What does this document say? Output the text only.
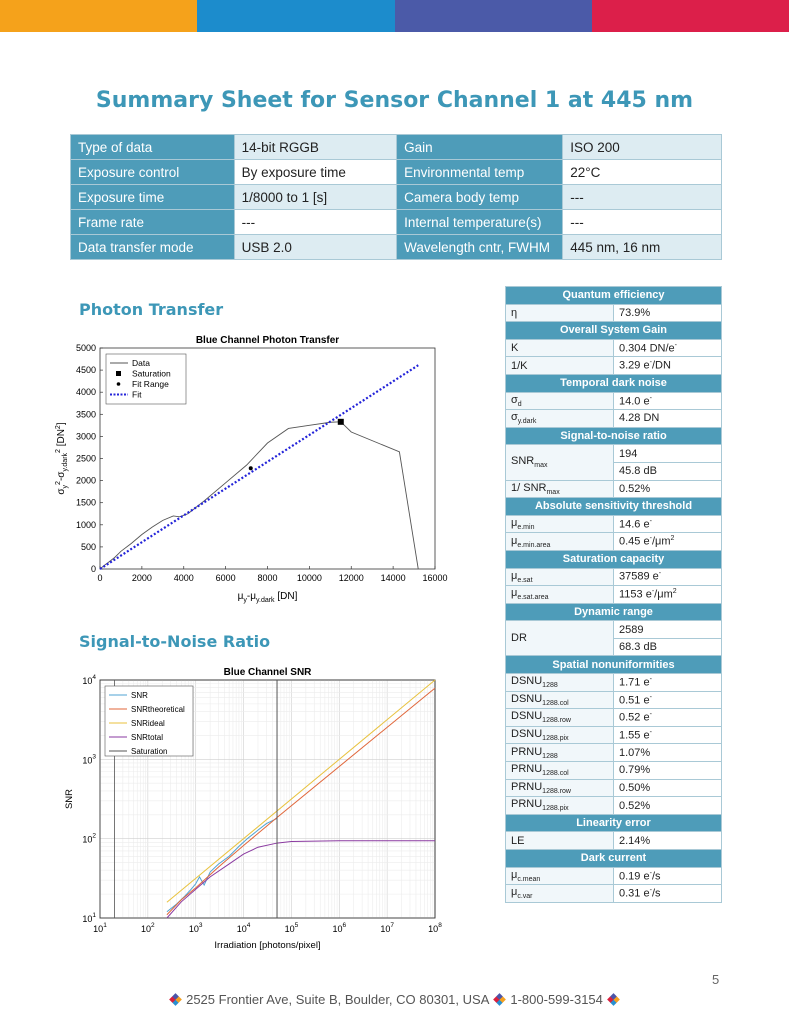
Summary Sheet for Sensor Channel 1 at 445 nm
Type of data	14-bit RGGB	Gain	ISO 200
Exposure control	By exposure time	Environmental temp	22°C
Exposure time	1/8000 to 1 [s]	Camera body temp	---
Frame rate	---	Internal temperature(s)	---
Data transfer mode	USB 2.0	Wavelength cntr, FWHM	445 nm, 16 nm
Photon Transfer
Blue Channel Photon Transfer
0	2000 4000 6000 8000 10000 12000 14000 16000
0
500
1000
1500
2000
2500
3000
3500
4000
4500
5000
Data
Saturation
Fit Range
Fit
$\mu_y-\mu_{y.dark}$ [DN]
$\sigma_y^2-\sigma_{y.dark}^2$ $[DN^2]$
Signal-to-Noise Ratio
Blue Channel SNR
$10^1$	$10^2$	$10^3$	$10^4$	$10^5$	$10^6$	$10^7$	$10^8$
$10^1$
$10^2$
$10^3$
$10^4$
SNR
SNRtheoretical
SNRideal
SNRtotal
Saturation
Irradiation [photons/pixel]
SNR
Quantum efficiency	
η	73.9%
Overall System Gain	
K	0.304 DN/e-
1/K	3.29 e-/DN
Temporal dark noise	
$\sigma_d$	14.0 e-
$\sigma_{y.dark}$	4.28 DN
Signal-to-noise ratio	
$SNR_{max}$	194
	45.8 dB
1/ $SNR_{max}$	0.52%
Absolute sensitivity threshold	
$\mu_{e.min}$	14.6 e-
$\mu_{e.min.area}$	0.45 $e^-/\mu m^2$
Saturation capacity	
$\mu_{e.sat}$	37589 e-
$\mu_{e.sat.area}$	1153 $e^-/\mu m^2$
Dynamic range	
DR	2589
	68.3 dB
Spatial nonuniformities	
$DSNU_{1288}$	1.71 e-
$DSNU_{1288.col}$	0.51 e-
$DSNU_{1288.row}$	0.52 e-
$DSNU_{1288.pix}$	1.55 e-
$PRNU_{1288}$	1.07%
$PRNU_{1288.col}$	0.79%
$PRNU_{1288.row}$	0.50%
$PRNU_{1288.pix}$	0.52%
Linearity error	
LE	2.14%
Dark current	
$\mu_{c.mean}$	0.19 e-/s
$\mu_{c.var}$	0.31 e-/s
5
2525 Frontier Ave, Suite B, Boulder, CO 80301, USA 1-800-599-3154
